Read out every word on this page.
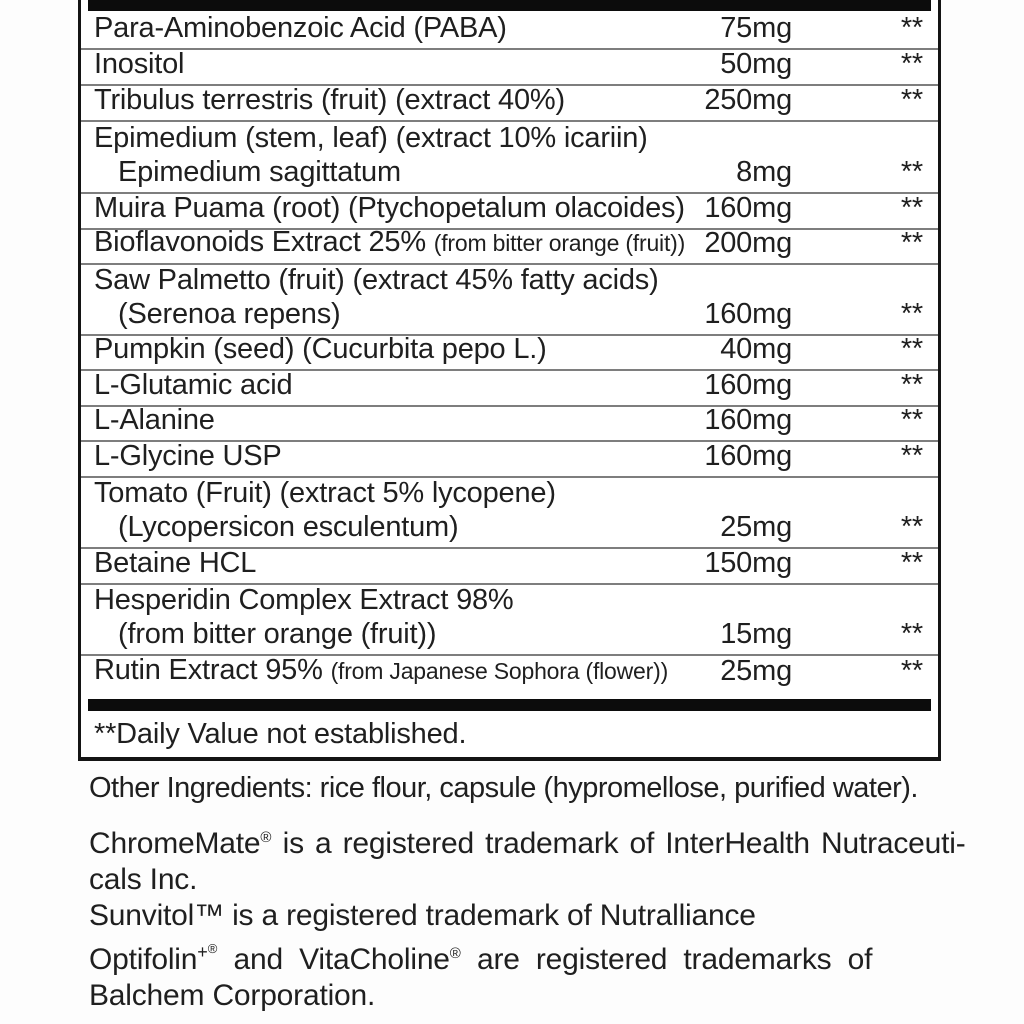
Para-Aminobenzoic Acid (PABA)	75mg	**
Inositol	50mg	**
Tribulus terrestris (fruit) (extract 40%)	250mg	**
Epimedium (stem, leaf) (extract 10% icariin)
Epimedium sagittatum	8mg	**
Muira Puama (root) (Ptychopetalum olacoides) 160mg	**
Bioflavonoids Extract 25% (from bitter orange (fruit)) 200mg	**
Saw Palmetto (fruit) (extract 45% fatty acids)
(Serenoa repens)	160mg	**
Pumpkin (seed) (Cucurbita pepo L.)	40mg	**
L-Glutamic acid	160mg	**
L-Alanine	160mg	**
L-Glycine USP	160mg	**
Tomato (Fruit) (extract 5% lycopene)
(Lycopersicon esculentum)	25mg	**
Betaine HCL	150mg	**
Hesperidin Complex Extract 98%
(from bitter orange (fruit))	15mg	**
Rutin Extract 95% (from Japanese Sophora (flower))	25mg	**
**Daily Value not established.
Other Ingredients: rice flour, capsule (hypromellose, purified water).
ChromeMate® is a registered trademark of InterHealth Nutraceuti-
cals Inc.
Sunvitol™ is a registered trademark of Nutralliance
Optifolin+® and VitaCholine® are registered trademarks of
Balchem Corporation.
